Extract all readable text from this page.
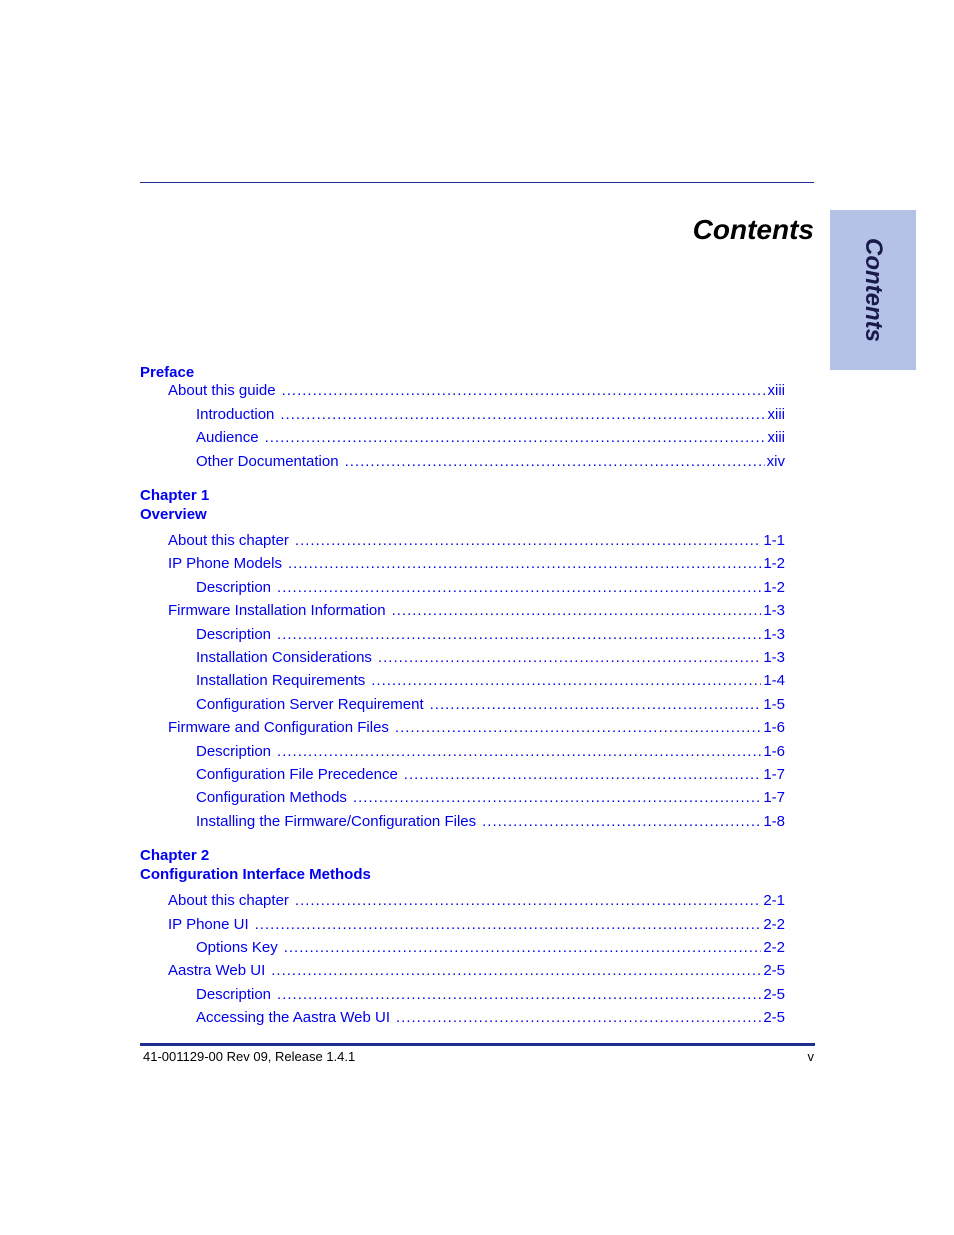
Contents
Contents
Preface
About this guide .....	xiii
Introduction .....	xiii
Audience .....	xiii
Other Documentation .....	xiv
Chapter 1
Overview
About this chapter .....	1-1
IP Phone Models .....	1-2
Description .....	1-2
Firmware Installation Information .....	1-3
Description .....	1-3
Installation Considerations .....	1-3
Installation Requirements .....	1-4
Configuration Server Requirement .....	1-5
Firmware and Configuration Files .....	1-6
Description .....	1-6
Configuration File Precedence .....	1-7
Configuration Methods .....	1-7
Installing the Firmware/Configuration Files .....	1-8
Chapter 2
Configuration Interface Methods
About this chapter .....	2-1
IP Phone UI .....	2-2
Options Key .....	2-2
Aastra Web UI .....	2-5
Description .....	2-5
Accessing the Aastra Web UI .....	2-5
41-001129-00 Rev 09, Release 1.4.1	v
